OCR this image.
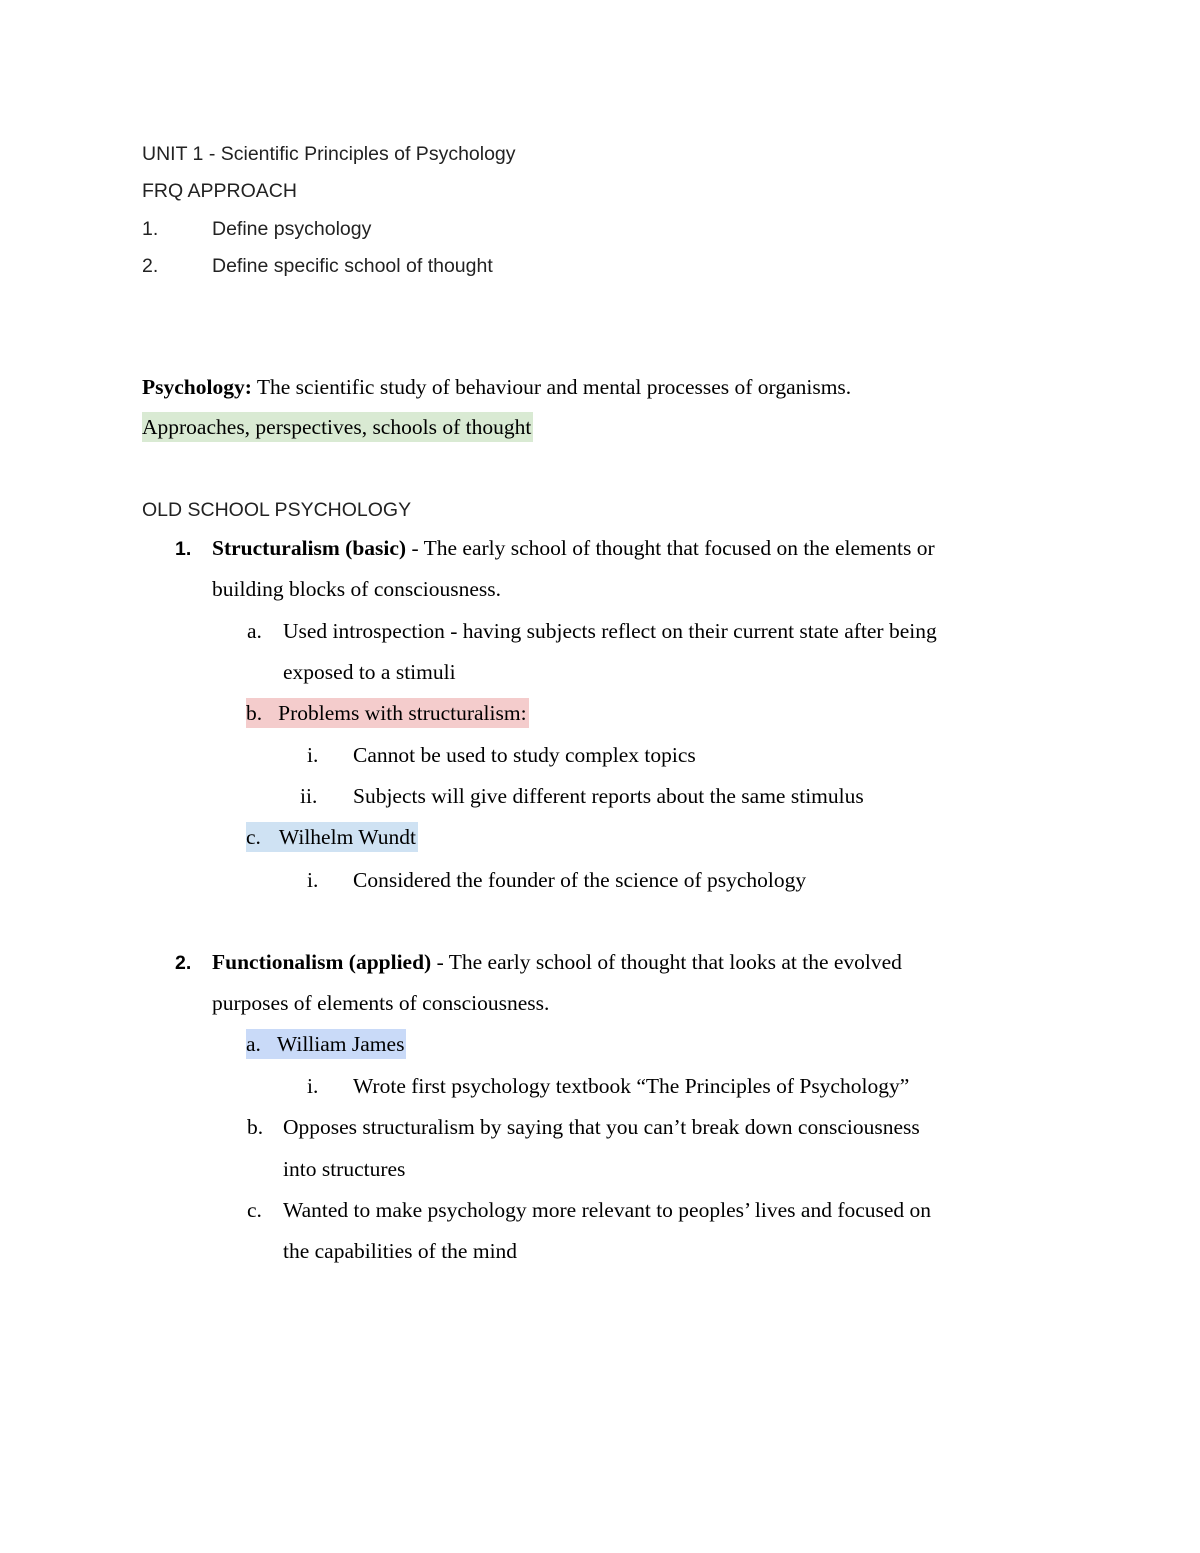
UNIT 1 - Scientific Principles of Psychology
FRQ APPROACH
1.	Define psychology
2.	Define specific school of thought
Psychology: The scientific study of behaviour and mental processes of organisms.
Approaches, perspectives, schools of thought
OLD SCHOOL PSYCHOLOGY
1. Structuralism (basic) - The early school of thought that focused on the elements or
building blocks of consciousness.
a. Used introspection - having subjects reflect on their current state after being
exposed to a stimuli
b. Problems with structuralism:
i. Cannot be used to study complex topics
ii. Subjects will give different reports about the same stimulus
c. Wilhelm Wundt
i. Considered the founder of the science of psychology
2. Functionalism (applied) - The early school of thought that looks at the evolved
purposes of elements of consciousness.
a. William James
i. Wrote first psychology textbook “The Principles of Psychology”
b. Opposes structuralism by saying that you can’t break down consciousness
into structures
c. Wanted to make psychology more relevant to peoples’ lives and focused on
the capabilities of the mind
